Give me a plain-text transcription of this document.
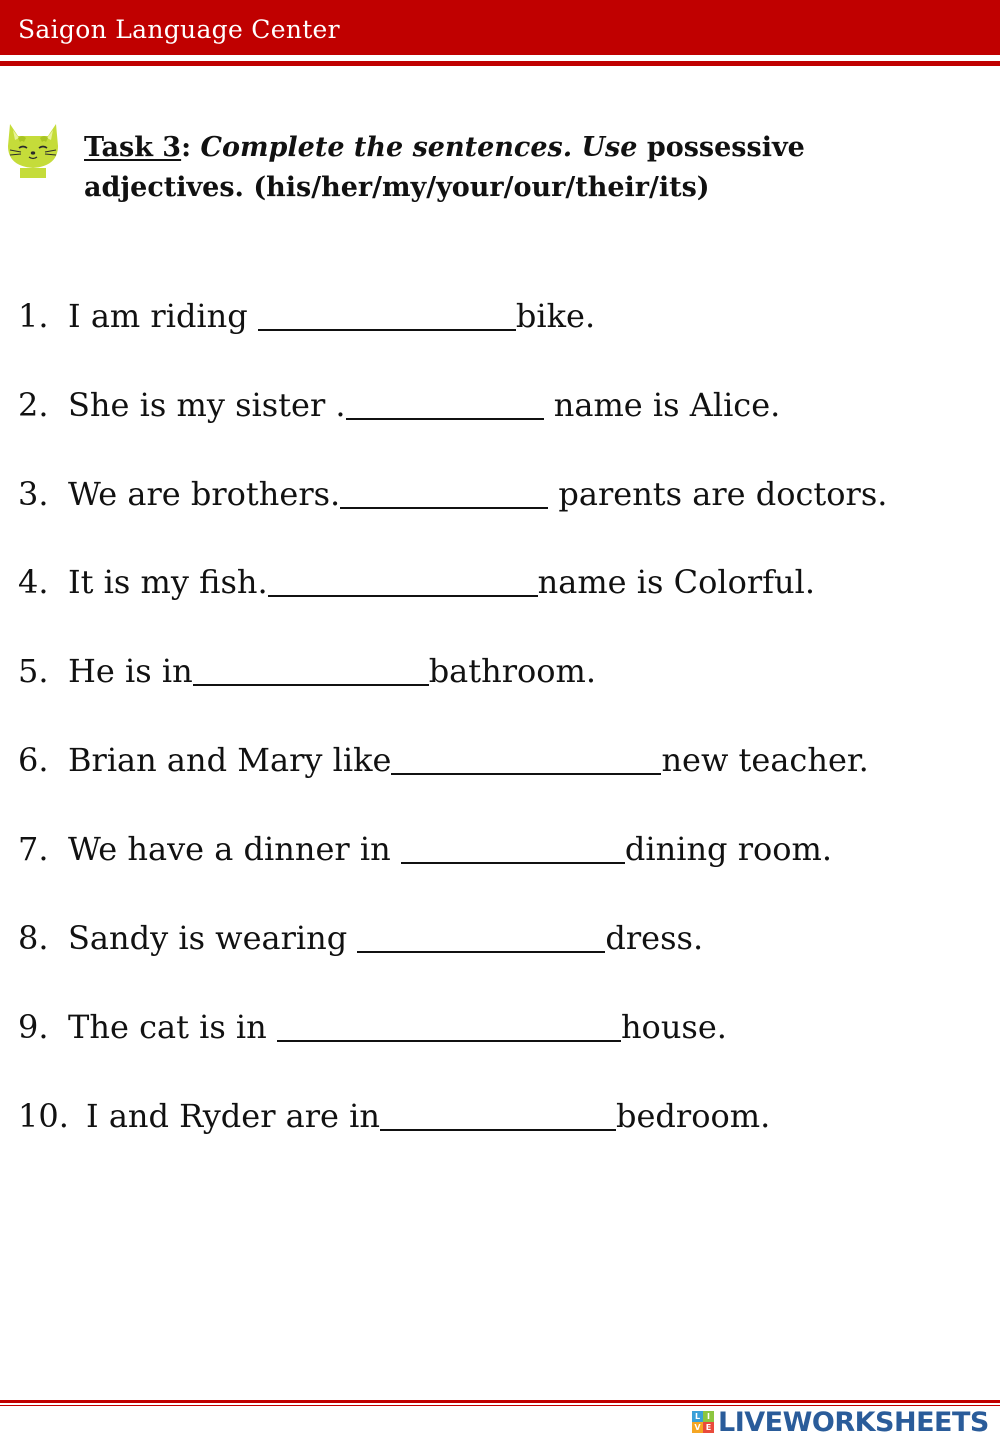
Saigon Language Center
Task 3: Complete the sentences. Use possessive
adjectives. (his/her/my/your/our/their/its)
1. I am riding	bike.
2. She is my sister .	name is Alice.
3. We are brothers.	parents are doctors.
4. It is my fish.	name is Colorful.
5. He is in	bathroom.
6. Brian and Mary like	new teacher.
7. We have a dinner in	dining room.
8. Sandy is wearing	dress.
9. The cat is in	house.
10. I and Ryder are in	bedroom.
L I
V E LIVEWORKSHEETS
